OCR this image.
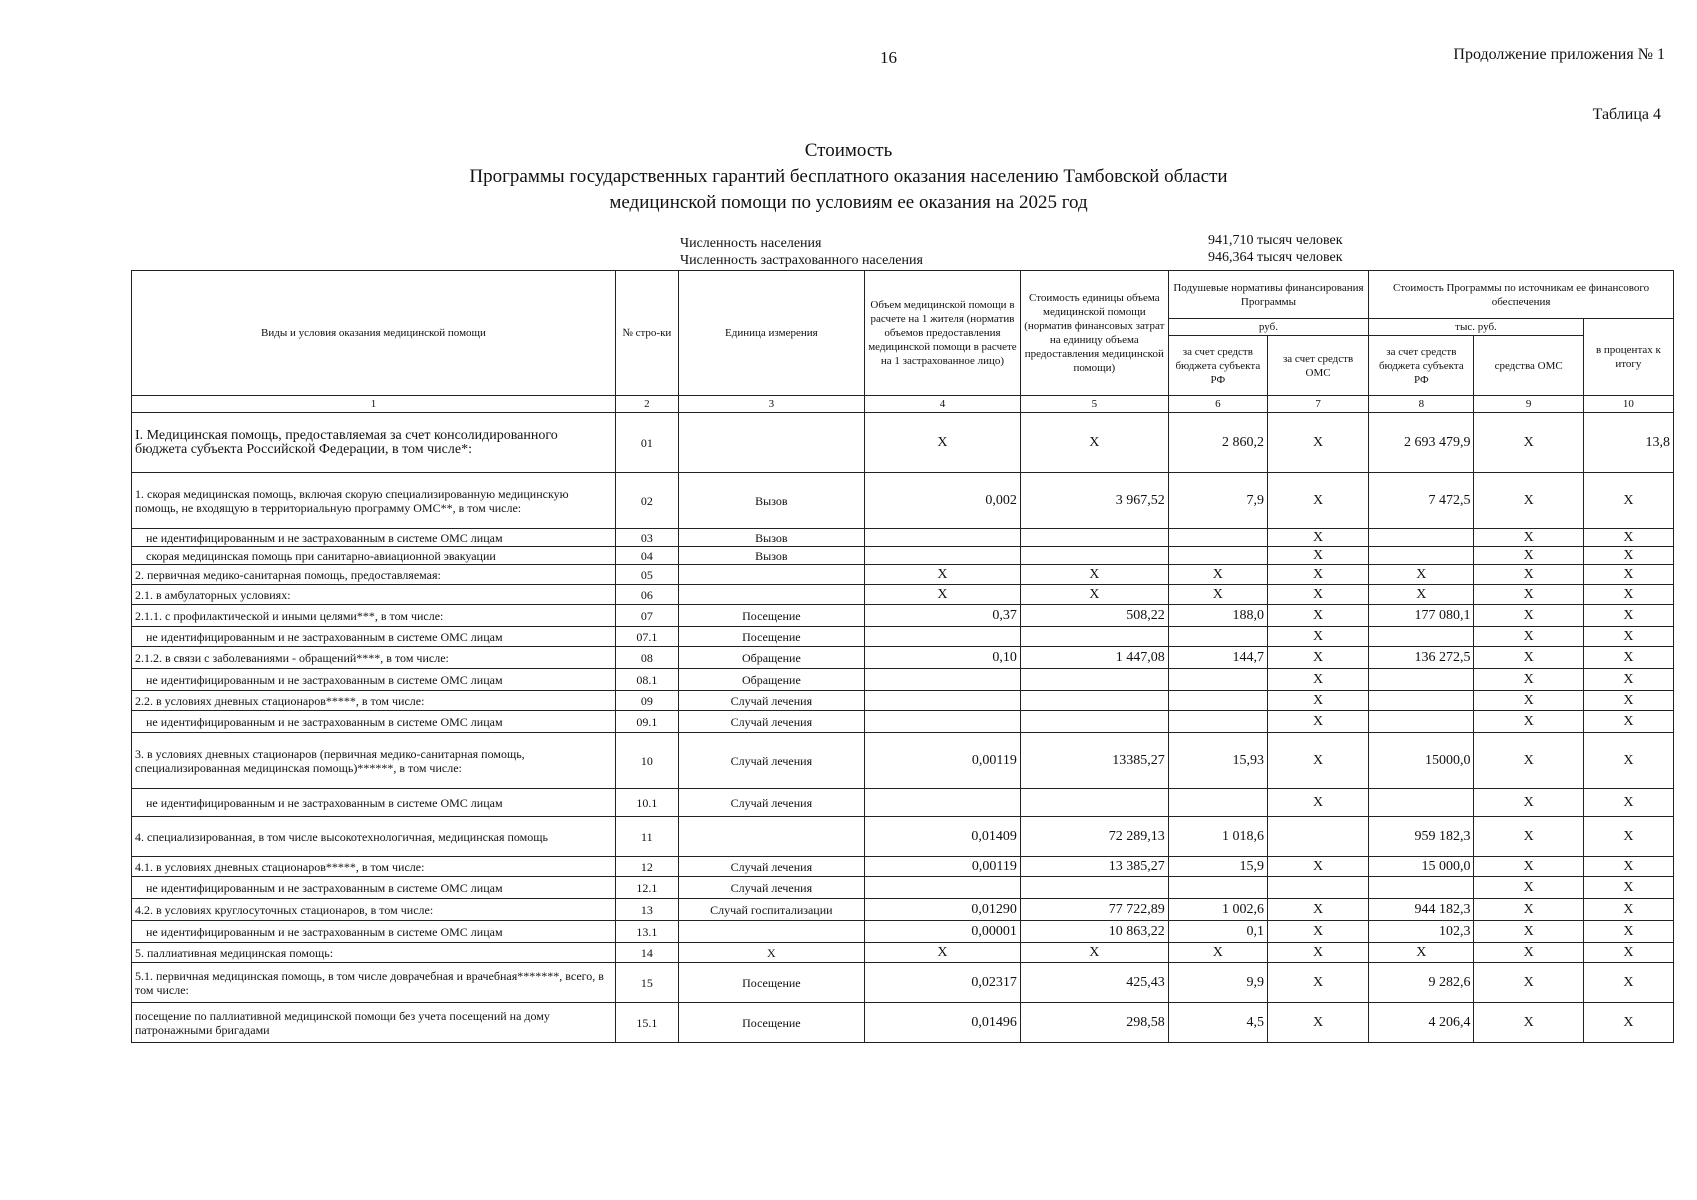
16	Продолжение приложения № 1
Таблица 4
Стоимость
Программы государственных гарантий бесплатного оказания населению Тамбовской области
медицинской помощи по условиям ее оказания на 2025 год
Численность населения	941,710 тысяч человек
Численность застрахованного населения	946,364 тысяч человек
Виды и условия оказания медицинской помощи	№ стро-ки	Единица измерения	Объем медицинской помощи в расчете на 1 жителя (норматив объемов предоставления медицинской помощи в расчете на 1 застрахованное лицо)	Стоимость единицы объема медицинской помощи (норматив финансовых затрат на единицу объема предоставления медицинской помощи)	Подушевые нормативы финансирования Программы		Стоимость Программы по источникам ее финансового обеспечения		
					руб.		тыс. руб.		в процентах к итогу
					за счет средств бюджета субъекта РФ	за счет средств ОМС	за счет средств бюджета субъекта РФ	средства ОМС	
1	2	3	4	5	6	7	8	9	10
I. Медицинская помощь, предоставляемая за счет консолидированного бюджета субъекта Российской Федерации, в том числе*:	01		X	X	2 860,2	X	2 693 479,9	X	13,8
1. скорая медицинская помощь, включая скорую специализированную медицинскую помощь, не входящую в территориальную программу ОМС**, в том числе:	02	Вызов	0,002	3 967,52	7,9	X	7 472,5	X	X
не идентифицированным и не застрахованным в системе ОМС лицам	03	Вызов				X		X	X
скорая медицинская помощь при санитарно-авиационной эвакуации	04	Вызов				X		X	X
2. первичная медико-санитарная помощь, предоставляемая:	05		X	X	X	X	X	X	X
2.1. в амбулаторных условиях:	06		X	X	X	X	X	X	X
2.1.1. с профилактической и иными целями***, в том числе:	07	Посещение	0,37	508,22	188,0	X	177 080,1	X	X
не идентифицированным и не застрахованным в системе ОМС лицам	07.1	Посещение				X		X	X
2.1.2. в связи с заболеваниями - обращений****, в том числе:	08	Обращение	0,10	1 447,08	144,7	X	136 272,5	X	X
не идентифицированным и не застрахованным в системе ОМС лицам	08.1	Обращение				X		X	X
2.2. в условиях дневных стационаров*****, в том числе:	09	Случай лечения				X		X	X
не идентифицированным и не застрахованным в системе ОМС лицам	09.1	Случай лечения				X		X	X
3. в условиях дневных стационаров (первичная медико-санитарная помощь, специализированная медицинская помощь)******, в том числе:	10	Случай лечения	0,00119	13385,27	15,93	X	15000,0	X	X
не идентифицированным и не застрахованным в системе ОМС лицам	10.1	Случай лечения				X		X	X
4. специализированная, в том числе высокотехнологичная, медицинская помощь	11		0,01409	72 289,13	1 018,6		959 182,3	X	X
4.1. в условиях дневных стационаров*****, в том числе:	12	Случай лечения	0,00119	13 385,27	15,9	X	15 000,0	X	X
не идентифицированным и не застрахованным в системе ОМС лицам	12.1	Случай лечения						X	X
4.2. в условиях круглосуточных стационаров, в том числе:	13	Случай госпитализации	0,01290	77 722,89	1 002,6	X	944 182,3	X	X
не идентифицированным и не застрахованным в системе ОМС лицам	13.1		0,00001	10 863,22	0,1	X	102,3	X	X
5. паллиативная медицинская помощь:	14	X	X	X	X	X	X	X	X
5.1. первичная медицинская помощь, в том числе доврачебная и врачебная*******, всего, в том числе:	15	Посещение	0,02317	425,43	9,9	X	9 282,6	X	X
посещение по паллиативной медицинской помощи без учета посещений на дому патронажными бригадами	15.1	Посещение	0,01496	298,58	4,5	X	4 206,4	X	X
